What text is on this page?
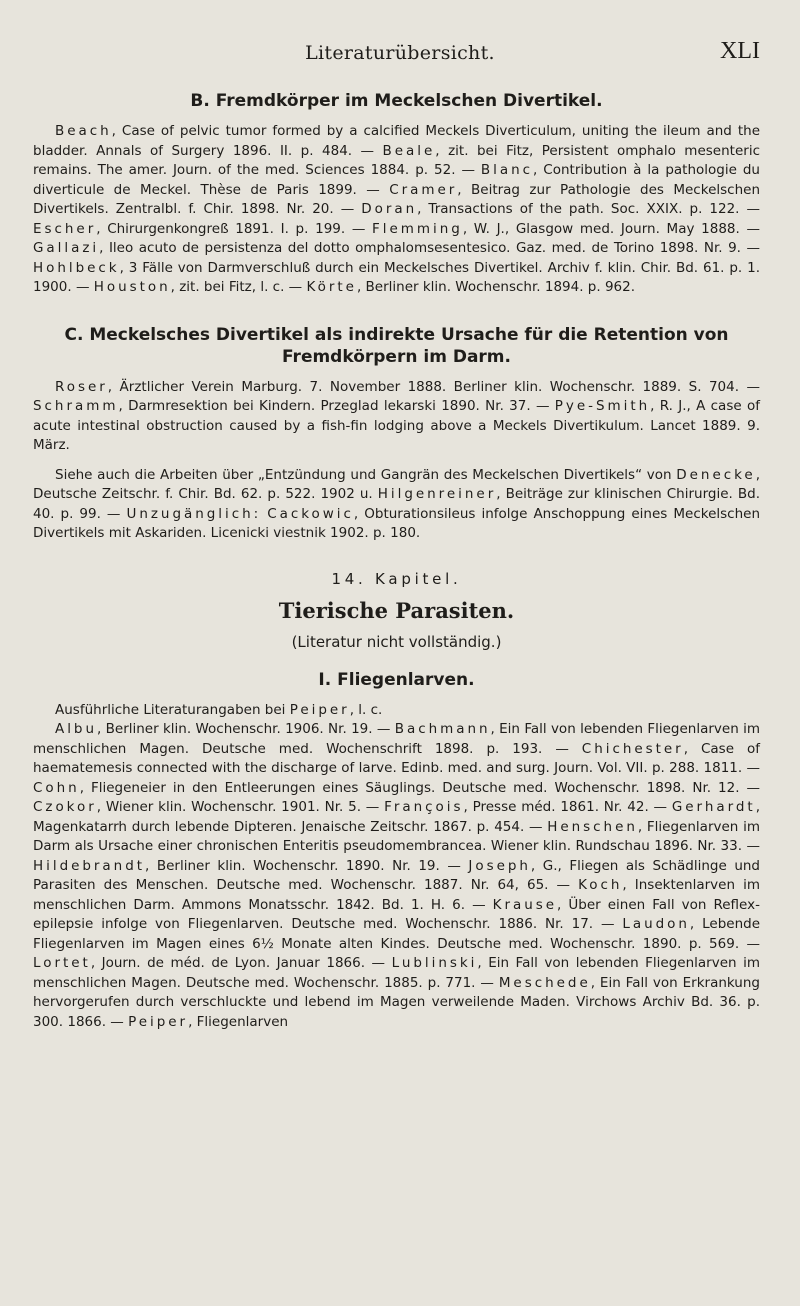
Literaturübersicht.	XLI
B. Fremdkörper im Meckelschen Divertikel.

Beach, Case of pelvic tumor formed by a calcified Meckels Diverticulum, uniting the ileum and the bladder. Annals of Surgery 1896. II. p. 484. — Beale, zit. bei Fitz, Persistent omphalo mesenteric remains. The amer. Journ. of the med. Sciences 1884. p. 52. — Blanc, Contribution à la pathologie du diverticule de Meckel. Thèse de Paris 1899. — Cramer, Beitrag zur Pathologie des Meckelschen Divertikels. Zentralbl. f. Chir. 1898. Nr. 20. — Doran, Transactions of the path. Soc. XXIX. p. 122. — Escher, Chirurgenkongreß 1891. I. p. 199. — Flemming, W. J., Glasgow med. Journ. May 1888. — Gallazi, Ileo acuto de persistenza del dotto omphalomsesentesico. Gaz. med. de Torino 1898. Nr. 9. — Hohlbeck, 3 Fälle von Darmverschluß durch ein Meckelsches Divertikel. Archiv f. klin. Chir. Bd. 61. p. 1. 1900. — Houston, zit. bei Fitz, l. c. — Körte, Berliner klin. Wochenschr. 1894. p. 962.

C. Meckelsches Divertikel als indirekte Ursache für die Retention von Fremdkörpern im Darm.

Roser, Ärztlicher Verein Marburg. 7. November 1888. Berliner klin. Wochenschr. 1889. S. 704. — Schramm, Darmresektion bei Kindern. Przeglad lekarski 1890. Nr. 37. — Pye-Smith, R. J., A case of acute intestinal obstruction caused by a fish-fin lodging above a Meckels Divertikulum. Lancet 1889. 9. März.

Siehe auch die Arbeiten über „Entzündung und Gangrän des Meckelschen Divertikels“ von Denecke, Deutsche Zeitschr. f. Chir. Bd. 62. p. 522. 1902 u. Hilgenreiner, Beiträge zur klinischen Chirurgie. Bd. 40. p. 99. — Unzugänglich: Cackowic, Obturationsileus infolge Anschoppung eines Meckelschen Divertikels mit Askariden. Licenicki viestnik 1902. p. 180.

14. Kapitel.

Tierische Parasiten.

(Literatur nicht vollständig.)

I. Fliegenlarven.

Ausführliche Literaturangaben bei Peiper, l. c.

Albu, Berliner klin. Wochenschr. 1906. Nr. 19. — Bachmann, Ein Fall von lebenden Fliegenlarven im menschlichen Magen. Deutsche med. Wochenschrift 1898. p. 193. — Chichester, Case of haematemesis connected with the discharge of larve. Edinb. med. and surg. Journ. Vol. VII. p. 288. 1811. — Cohn, Fliegeneier in den Entleerungen eines Säuglings. Deutsche med. Wochenschr. 1898. Nr. 12. — Czokor, Wiener klin. Wochenschr. 1901. Nr. 5. — François, Presse méd. 1861. Nr. 42. — Gerhardt, Magenkatarrh durch lebende Dipteren. Jenaische Zeitschr. 1867. p. 454. — Henschen, Fliegenlarven im Darm als Ursache einer chronischen Enteritis pseudomembrancea. Wiener klin. Rundschau 1896. Nr. 33. — Hildebrandt, Berliner klin. Wochenschr. 1890. Nr. 19. — Joseph, G., Fliegen als Schädlinge und Parasiten des Menschen. Deutsche med. Wochenschr. 1887. Nr. 64, 65. — Koch, Insektenlarven im menschlichen Darm. Ammons Monatsschr. 1842. Bd. 1. H. 6. — Krause, Über einen Fall von Reflex-epilepsie infolge von Fliegenlarven. Deutsche med. Wochenschr. 1886. Nr. 17. — Laudon, Lebende Fliegenlarven im Magen eines 6½ Monate alten Kindes. Deutsche med. Wochenschr. 1890. p. 569. — Lortet, Journ. de méd. de Lyon. Januar 1866. — Lublinski, Ein Fall von lebenden Fliegenlarven im menschlichen Magen. Deutsche med. Wochenschr. 1885. p. 771. — Meschede, Ein Fall von Erkrankung hervorgerufen durch verschluckte und lebend im Magen verweilende Maden. Virchows Archiv Bd. 36. p. 300. 1866. — Peiper, Fliegenlarven
